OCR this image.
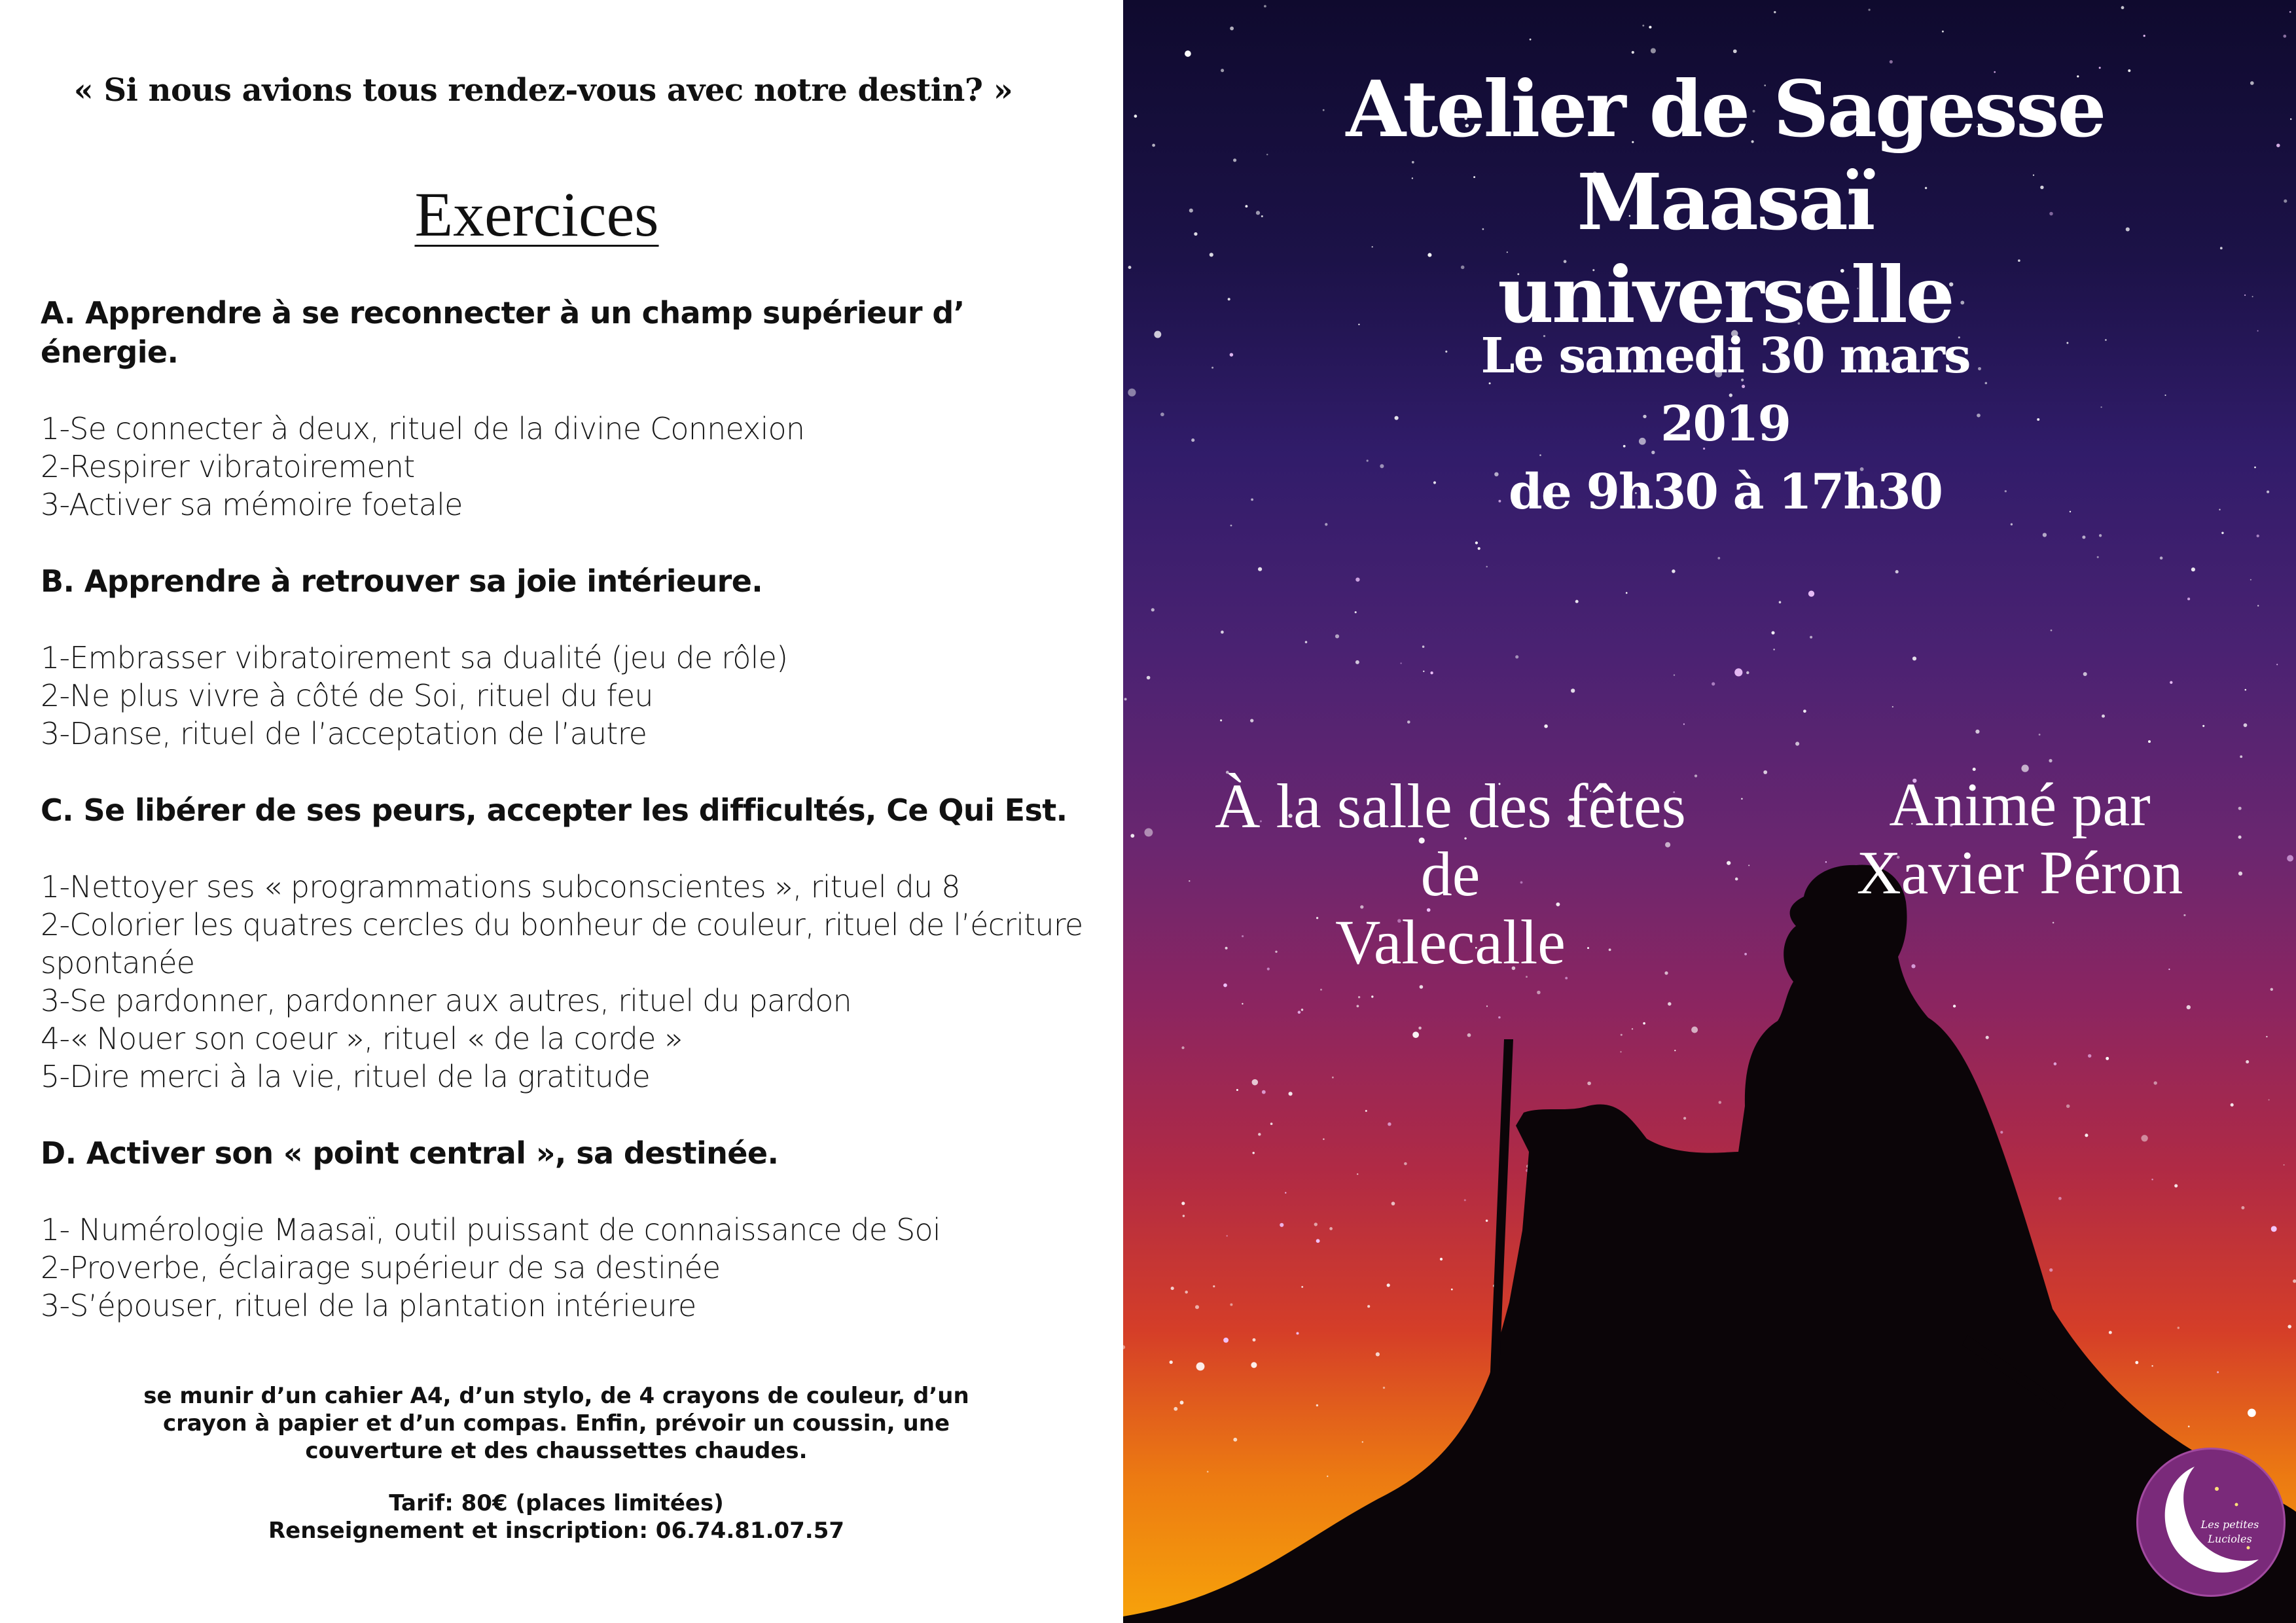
« Si nous avions tous rendez-vous avec notre destin? »
Exercices
A. Apprendre à se reconnecter à un champ supérieur d’ énergie.
1-Se connecter à deux, rituel de la divine Connexion
2-Respirer vibratoirement
3-Activer sa mémoire foetale
B. Apprendre à retrouver sa joie intérieure.
1-Embrasser vibratoirement sa dualité (jeu de rôle)
2-Ne plus vivre à côté de Soi, rituel du feu
3-Danse, rituel de l’acceptation de l’autre
C. Se libérer de ses peurs, accepter les difficultés, Ce Qui Est.
1-Nettoyer ses « programmations subconscientes », rituel du 8
2-Colorier les quatres cercles du bonheur de couleur, rituel de l’écriture spontanée
3-Se pardonner, pardonner aux autres, rituel du pardon
4-« Nouer son coeur », rituel « de la corde »
5-Dire merci à la vie, rituel de la gratitude
D. Activer son « point central », sa destinée.
1- Numérologie Maasaï, outil puissant de connaissance de Soi
2-Proverbe, éclairage supérieur de sa destinée
3-S’épouser, rituel de la plantation intérieure
se munir d’un cahier A4, d’un stylo, de 4 crayons de couleur, d’un crayon à papier et d’un compas. Enfin, prévoir un coussin, une couverture et des chaussettes chaudes.
Tarif: 80€ (places limitées)
Renseignement et inscription: 06.74.81.07.57
Atelier de Sagesse Maasaï
universelle
Le samedi 30 mars
2019
de 9h30 à 17h30
À la salle des fêtes
de
Valecalle
Animé par
Xavier Péron
Les petites
Lucioles
